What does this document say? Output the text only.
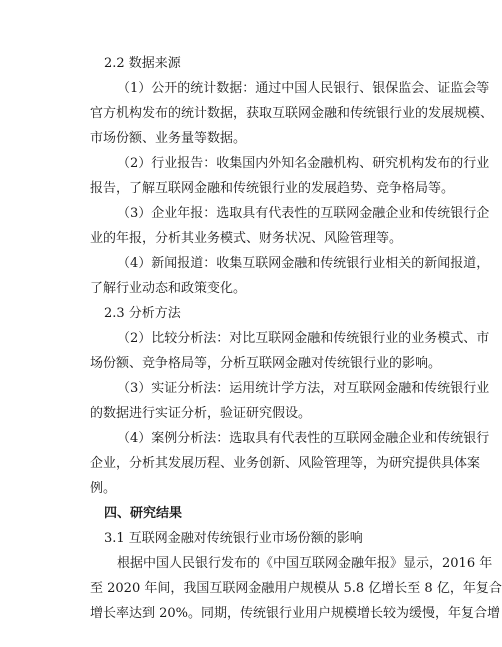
2.2 数据来源
（1）公开的统计数据：通过中国人民银行、银保监会、证监会等
官方机构发布的统计数据，获取互联网金融和传统银行业的发展规模、
市场份额、业务量等数据。
（2）行业报告：收集国内外知名金融机构、研究机构发布的行业
报告，了解互联网金融和传统银行业的发展趋势、竞争格局等。
（3）企业年报：选取具有代表性的互联网金融企业和传统银行企
业的年报，分析其业务模式、财务状况、风险管理等。
（4）新闻报道：收集互联网金融和传统银行业相关的新闻报道，
了解行业动态和政策变化。
2.3 分析方法
（2）比较分析法：对比互联网金融和传统银行业的业务模式、市
场份额、竞争格局等，分析互联网金融对传统银行业的影响。
（3）实证分析法：运用统计学方法，对互联网金融和传统银行业
的数据进行实证分析，验证研究假设。
（4）案例分析法：选取具有代表性的互联网金融企业和传统银行
企业，分析其发展历程、业务创新、风险管理等，为研究提供具体案
例。
四、研究结果
3.1 互联网金融对传统银行业市场份额的影响
根据中国人民银行发布的《中国互联网金融年报》显示，2016 年
至 2020 年间，我国互联网金融用户规模从 5.8 亿增长至 8 亿，年复合
增长率达到 20%。同期，传统银行业用户规模增长较为缓慢，年复合增
